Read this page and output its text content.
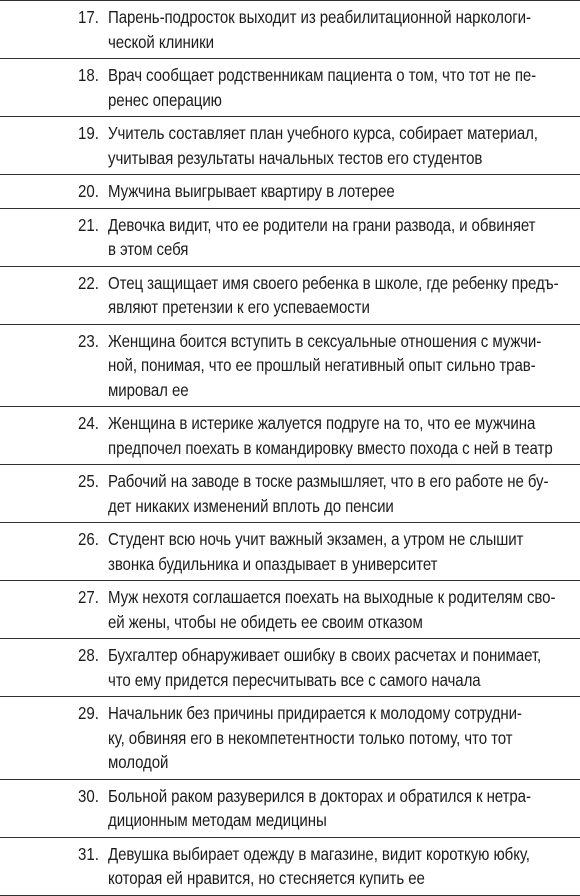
17. Парень-подросток выходит из реабилитационной наркологи-
ческой клиники
18. Врач сообщает родственникам пациента о том, что тот не пе-
ренес операцию
19. Учитель составляет план учебного курса, собирает материал,
учитывая результаты начальных тестов его студентов
20. Мужчина выигрывает квартиру в лотерее
21. Девочка видит, что ее родители на грани развода, и обвиняет
в этом себя
22. Отец защищает имя своего ребенка в школе, где ребенку предъ-
являют претензии к его успеваемости
23. Женщина боится вступить в сексуальные отношения с мужчи-
ной, понимая, что ее прошлый негативный опыт сильно трав-
мировал ее
24. Женщина в истерике жалуется подруге на то, что ее мужчина
предпочел поехать в командировку вместо похода с ней в театр
25. Рабочий на заводе в тоске размышляет, что в его работе не бу-
дет никаких изменений вплоть до пенсии
26. Студент всю ночь учит важный экзамен, а утром не слышит
звонка будильника и опаздывает в университет
27. Муж нехотя соглашается поехать на выходные к родителям сво-
ей жены, чтобы не обидеть ее своим отказом
28. Бухгалтер обнаруживает ошибку в своих расчетах и понимает,
что ему придется пересчитывать все с самого начала
29. Начальник без причины придирается к молодому сотрудни-
ку, обвиняя его в некомпетентности только потому, что тот
молодой
30. Больной раком разуверился в докторах и обратился к нетра-
диционным методам медицины
31. Девушка выбирает одежду в магазине, видит короткую юбку,
которая ей нравится, но стесняется купить ее
